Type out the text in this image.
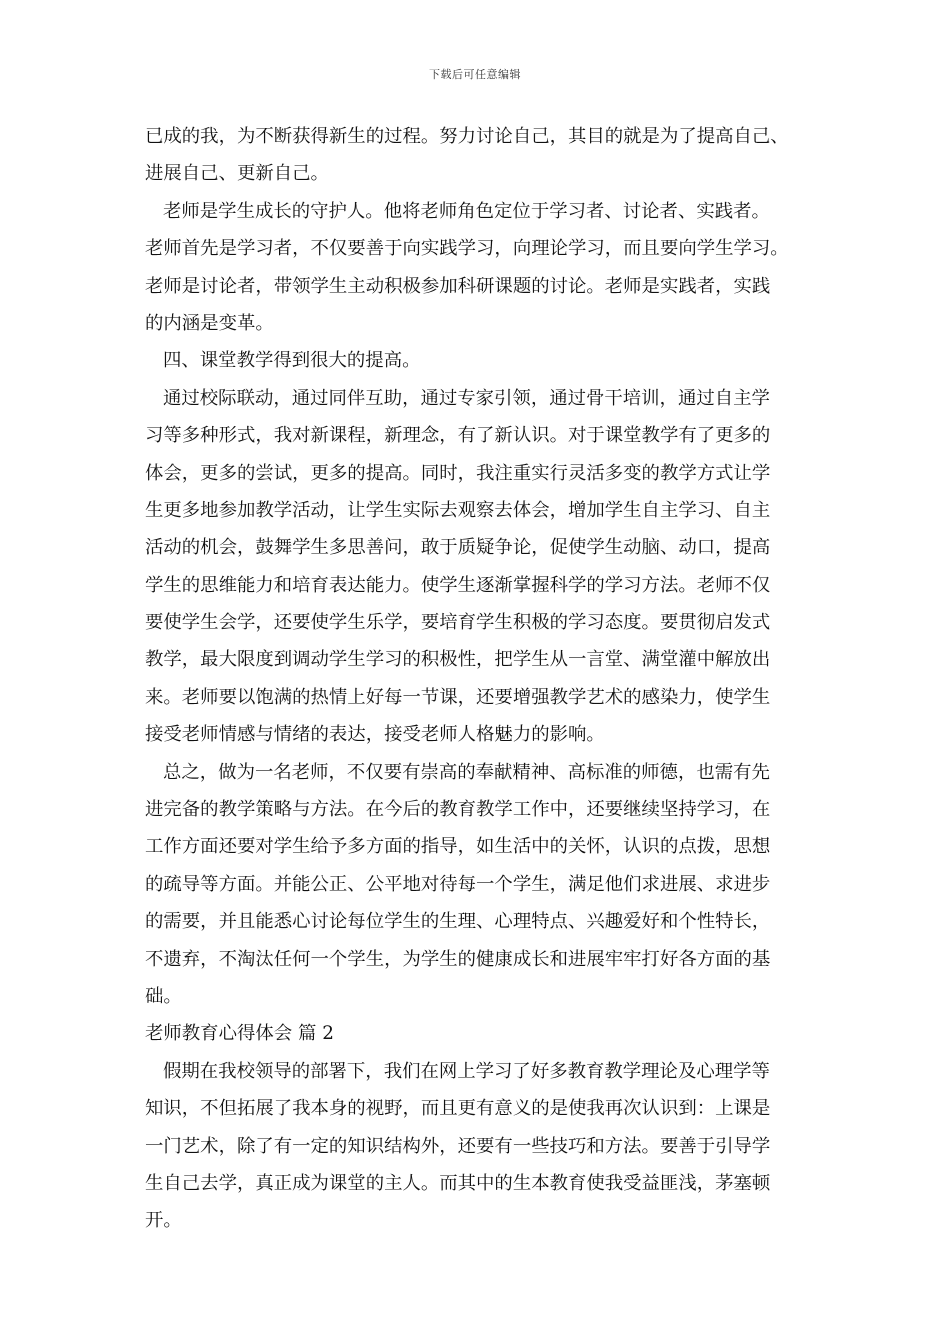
下载后可任意编辑
已成的我，为不断获得新生的过程。努力讨论自己，其目的就是为了提高自己、
进展自己、更新自己。
老师是学生成长的守护人。他将老师角色定位于学习者、讨论者、实践者。
老师首先是学习者，不仅要善于向实践学习，向理论学习，而且要向学生学习。
老师是讨论者，带领学生主动积极参加科研课题的讨论。老师是实践者，实践
的内涵是变革。
四、课堂教学得到很大的提高。
通过校际联动，通过同伴互助，通过专家引领，通过骨干培训，通过自主学
习等多种形式，我对新课程，新理念，有了新认识。对于课堂教学有了更多的
体会，更多的尝试，更多的提高。同时，我注重实行灵活多变的教学方式让学
生更多地参加教学活动，让学生实际去观察去体会，增加学生自主学习、自主
活动的机会，鼓舞学生多思善问，敢于质疑争论，促使学生动脑、动口，提高
学生的思维能力和培育表达能力。使学生逐渐掌握科学的学习方法。老师不仅
要使学生会学，还要使学生乐学，要培育学生积极的学习态度。要贯彻启发式
教学，最大限度到调动学生学习的积极性，把学生从一言堂、满堂灌中解放出
来。老师要以饱满的热情上好每一节课，还要增强教学艺术的感染力，使学生
接受老师情感与情绪的表达，接受老师人格魅力的影响。
总之，做为一名老师，不仅要有崇高的奉献精神、高标准的师德，也需有先
进完备的教学策略与方法。在今后的教育教学工作中，还要继续坚持学习，在
工作方面还要对学生给予多方面的指导，如生活中的关怀，认识的点拨，思想
的疏导等方面。并能公正、公平地对待每一个学生，满足他们求进展、求进步
的需要，并且能悉心讨论每位学生的生理、心理特点、兴趣爱好和个性特长，
不遗弃，不淘汰任何一个学生，为学生的健康成长和进展牢牢打好各方面的基
础。
老师教育心得体会 篇 2
假期在我校领导的部署下，我们在网上学习了好多教育教学理论及心理学等
知识，不但拓展了我本身的视野，而且更有意义的是使我再次认识到：上课是
一门艺术，除了有一定的知识结构外，还要有一些技巧和方法。要善于引导学
生自己去学，真正成为课堂的主人。而其中的生本教育使我受益匪浅，茅塞顿
开。
